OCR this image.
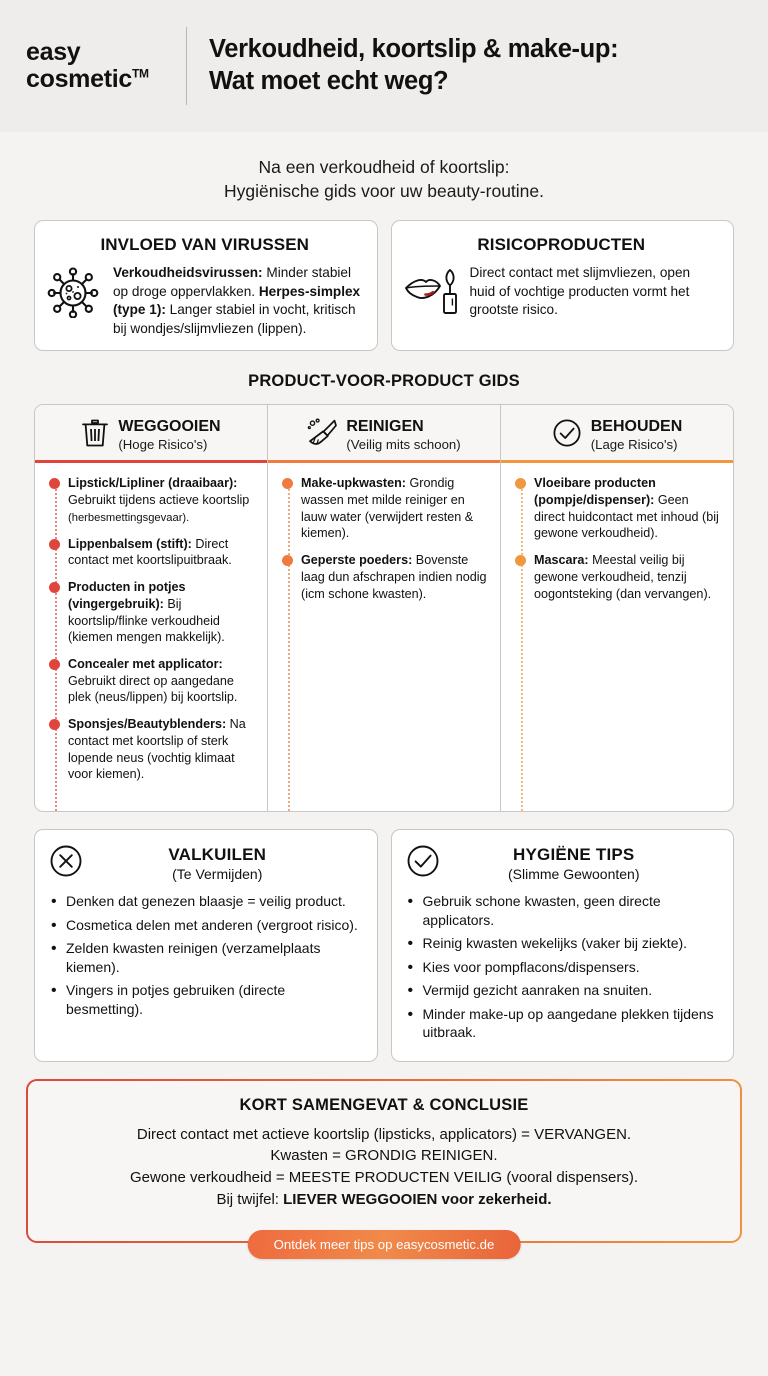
easy
cosmetic™
Verkoudheid, koortslip & make-up:
Wat moet echt weg?
Na een verkoudheid of koortslip:
Hygiënische gids voor uw beauty-routine.
INVLOED VAN VIRUSSEN
Verkoudheidsvirussen: Minder stabiel op droge oppervlakken. Herpes-simplex (type 1): Langer stabiel in vocht, kritisch bij wondjes/slijmvliezen (lippen).
RISICOPRODUCTEN
Direct contact met slijmvliezen, open huid of vochtige producten vormt het grootste risico.
PRODUCT-VOOR-PRODUCT GIDS
WEGGOOIEN
(Hoge Risico's)
REINIGEN
(Veilig mits schoon)
BEHOUDEN
(Lage Risico's)
Lipstick/Lipliner (draaibaar): Gebruikt tijdens actieve koortslip (herbesmettingsgevaar).
Lippenbalsem (stift): Direct contact met koortslipuitbraak.
Producten in potjes (vingergebruik): Bij koortslip/flinke verkoudheid (kiemen mengen makkelijk).
Concealer met applicator: Gebruikt direct op aangedane plek (neus/lippen) bij koortslip.
Sponsjes/Beautyblenders: Na contact met koortslip of sterk lopende neus (vochtig klimaat voor kiemen).
Make-upkwasten: Grondig wassen met milde reiniger en lauw water (verwijdert resten & kiemen).
Geperste poeders: Bovenste laag dun afschrapen indien nodig (icm schone kwasten).
Vloeibare producten (pompje/dispenser): Geen direct huidcontact met inhoud (bij gewone verkoudheid).
Mascara: Meestal veilig bij gewone verkoudheid, tenzij oogontsteking (dan vervangen).
VALKUILEN
(Te Vermijden)
• Denken dat genezen blaasje = veilig product.
• Cosmetica delen met anderen (vergroot risico).
• Zelden kwasten reinigen (verzamelplaats kiemen).
• Vingers in potjes gebruiken (directe besmetting).
HYGIËNE TIPS
(Slimme Gewoonten)
• Gebruik schone kwasten, geen directe applicators.
• Reinig kwasten wekelijks (vaker bij ziekte).
• Kies voor pompflacons/dispensers.
• Vermijd gezicht aanraken na snuiten.
• Minder make-up op aangedane plekken tijdens uitbraak.
KORT SAMENGEVAT & CONCLUSIE
Direct contact met actieve koortslip (lipsticks, applicators) = VERVANGEN.
Kwasten = GRONDIG REINIGEN.
Gewone verkoudheid = MEESTE PRODUCTEN VEILIG (vooral dispensers).
Bij twijfel: LIEVER WEGGOOIEN voor zekerheid.
Ontdek meer tips op easycosmetic.de
